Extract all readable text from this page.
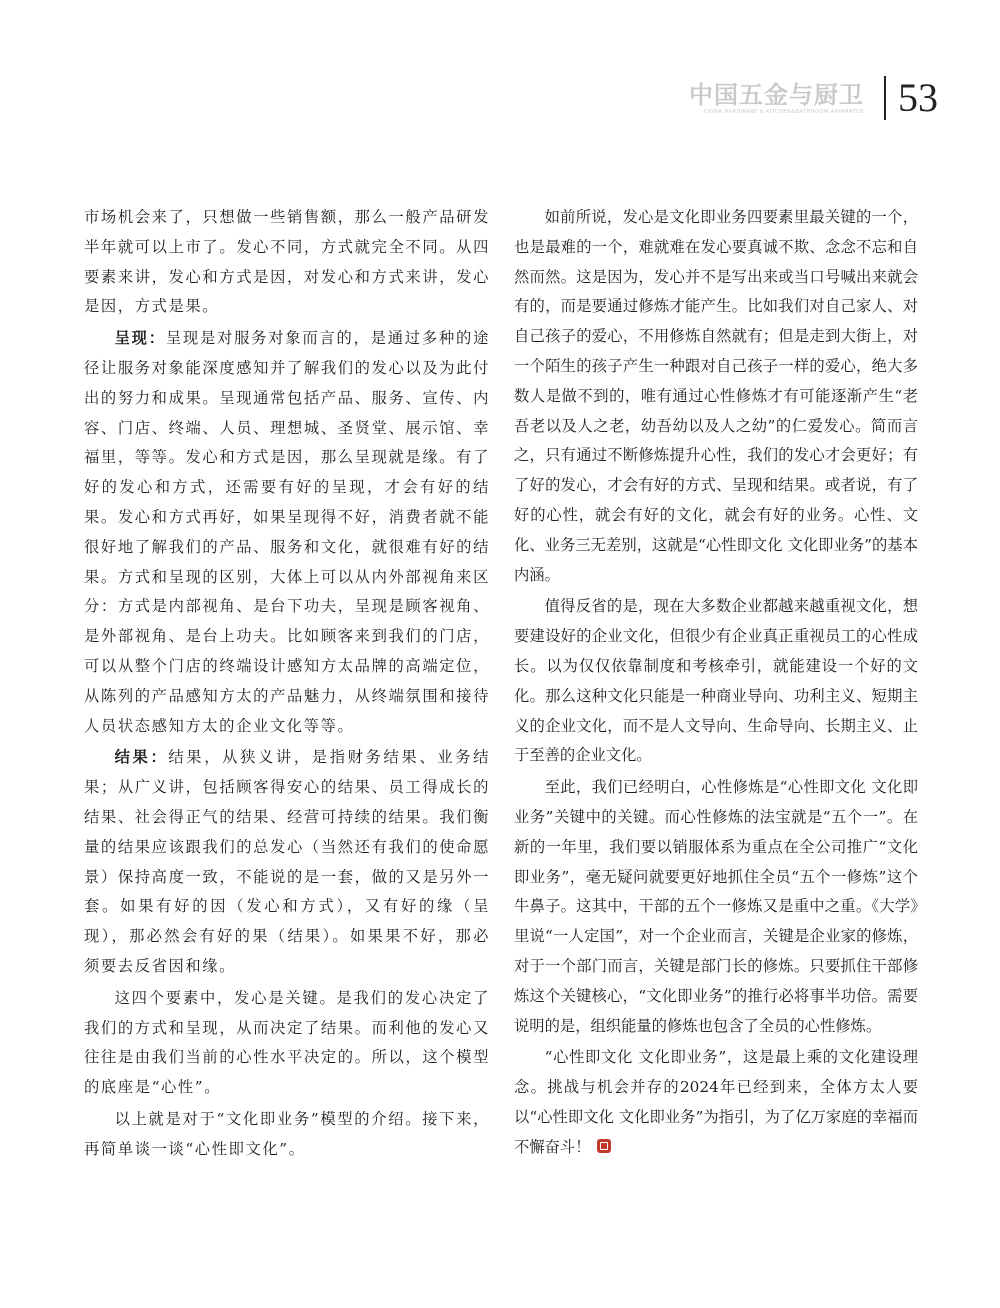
中国五金与厨卫
CHINA HARDWARE & KITCHEN&BATHROOM APPARATUS 53

市场机会来了，只想做一些销售额，那么一般产品研发半年就可以上市了。发心不同，方式就完全不同。从四要素来讲，发心和方式是因，对发心和方式来讲，发心是因，方式是果。

呈现：呈现是对服务对象而言的，是通过多种的途径让服务对象能深度感知并了解我们的发心以及为此付出的努力和成果。呈现通常包括产品、服务、宣传、内容、门店、终端、人员、理想城、圣贤堂、展示馆、幸福里，等等。发心和方式是因，那么呈现就是缘。有了好的发心和方式，还需要有好的呈现，才会有好的结果。发心和方式再好，如果呈现得不好，消费者就不能很好地了解我们的产品、服务和文化，就很难有好的结果。方式和呈现的区别，大体上可以从内外部视角来区分：方式是内部视角、是台下功夫，呈现是顾客视角、是外部视角、是台上功夫。比如顾客来到我们的门店，可以从整个门店的终端设计感知方太品牌的高端定位，从陈列的产品感知方太的产品魅力，从终端氛围和接待人员状态感知方太的企业文化等等。

结果：结果，从狭义讲，是指财务结果、业务结果；从广义讲，包括顾客得安心的结果、员工得成长的结果、社会得正气的结果、经营可持续的结果。我们衡量的结果应该跟我们的总发心（当然还有我们的使命愿景）保持高度一致，不能说的是一套，做的又是另外一套。如果有好的因（发心和方式），又有好的缘（呈现），那必然会有好的果（结果）。如果果不好，那必须要去反省因和缘。

这四个要素中，发心是关键。是我们的发心决定了我们的方式和呈现，从而决定了结果。而利他的发心又往往是由我们当前的心性水平决定的。所以，这个模型的底座是“心性”。

以上就是对于“文化即业务”模型的介绍。接下来，再简单谈一谈“心性即文化”。

如前所说，发心是文化即业务四要素里最关键的一个，也是最难的一个，难就难在发心要真诚不欺、念念不忘和自然而然。这是因为，发心并不是写出来或当口号喊出来就会有的，而是要通过修炼才能产生。比如我们对自己家人、对自己孩子的爱心，不用修炼自然就有；但是走到大街上，对一个陌生的孩子产生一种跟对自己孩子一样的爱心，绝大多数人是做不到的，唯有通过心性修炼才有可能逐渐产生“老吾老以及人之老，幼吾幼以及人之幼”的仁爱发心。简而言之，只有通过不断修炼提升心性，我们的发心才会更好；有了好的发心，才会有好的方式、呈现和结果。或者说，有了好的心性，就会有好的文化，就会有好的业务。心性、文化、业务三无差别，这就是“心性即文化 文化即业务”的基本内涵。

值得反省的是，现在大多数企业都越来越重视文化，想要建设好的企业文化，但很少有企业真正重视员工的心性成长。以为仅仅依靠制度和考核牵引，就能建设一个好的文化。那么这种文化只能是一种商业导向、功利主义、短期主义的企业文化，而不是人文导向、生命导向、长期主义、止于至善的企业文化。

至此，我们已经明白，心性修炼是“心性即文化 文化即业务”关键中的关键。而心性修炼的法宝就是“五个一”。在新的一年里，我们要以销服体系为重点在全公司推广“文化即业务”，毫无疑问就要更好地抓住全员“五个一修炼”这个牛鼻子。这其中，干部的五个一修炼又是重中之重。《大学》里说“一人定国”，对一个企业而言，关键是企业家的修炼，对于一个部门而言，关键是部门长的修炼。只要抓住干部修炼这个关键核心，“文化即业务”的推行必将事半功倍。需要说明的是，组织能量的修炼也包含了全员的心性修炼。

“心性即文化 文化即业务”，这是最上乘的文化建设理念。挑战与机会并存的2024年已经到来，全体方太人要以“心性即文化 文化即业务”为指引，为了亿万家庭的幸福而不懈奋斗！
